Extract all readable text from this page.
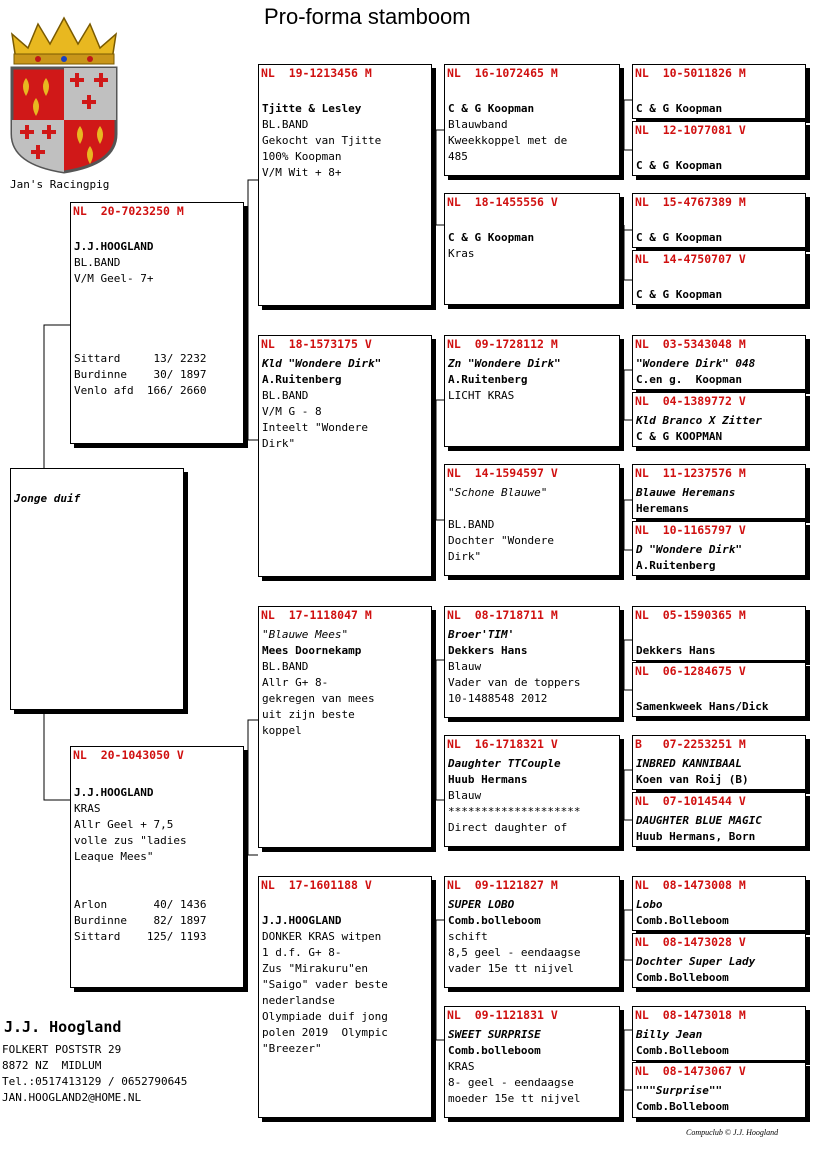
Pro-forma stamboom
Jan's Racingpig
Jonge duif
NL  20-7023250 M
J.J.HOOGLAND
BL.BAND
V/M Geel- 7+
Sittard     13/ 2232
Burdinne    30/ 1897
Venlo afd  166/ 2660
NL  20-1043050 V
J.J.HOOGLAND
KRAS
Allr Geel + 7,5
volle zus "ladies
Leaque Mees"
Arlon       40/ 1436
Burdinne    82/ 1897
Sittard    125/ 1193
NL  19-1213456 M
Tjitte & Lesley
BL.BAND
Gekocht van Tjitte
100% Koopman
V/M Wit + 8+
NL  18-1573175 V
Kld "Wondere Dirk"
A.Ruitenberg
BL.BAND
V/M G - 8
Inteelt "Wondere
Dirk"
NL  17-1118047 M
"Blauwe Mees"
Mees Doornekamp
BL.BAND
Allr G+ 8-
gekregen van mees
uit zijn beste
koppel
NL  17-1601188 V
J.J.HOOGLAND
DONKER KRAS witpen
1 d.f. G+ 8-
Zus "Mirakuru"en
"Saigo" vader beste
nederlandse
Olympiade duif jong
polen 2019  Olympic
"Breezer"
NL  16-1072465 M
C & G Koopman
Blauwband
Kweekkoppel met de
485
NL  18-1455556 V
C & G Koopman
Kras
NL  09-1728112 M
Zn "Wondere Dirk"
A.Ruitenberg
LICHT KRAS
NL  14-1594597 V
"Schone Blauwe"
BL.BAND
Dochter "Wondere
Dirk"
NL  08-1718711 M
Broer'TIM'
Dekkers Hans
Blauw
Vader van de toppers
10-1488548 2012
NL  16-1718321 V
Daughter TTCouple
Huub Hermans
Blauw
********************
Direct daughter of
NL  09-1121827 M
SUPER LOBO
Comb.bolleboom
schift
8,5 geel - eendaagse
vader 15e tt nijvel
NL  09-1121831 V
SWEET SURPRISE
Comb.bolleboom
KRAS
8- geel - eendaagse
moeder 15e tt nijvel
NL  10-5011826 M
C & G Koopman
NL  12-1077081 V
C & G Koopman
NL  15-4767389 M
C & G Koopman
NL  14-4750707 V
C & G Koopman
NL  03-5343048 M
"Wondere Dirk" 048
C.en g.  Koopman
NL  04-1389772 V
Kld Branco X Zitter
C & G KOOPMAN
NL  11-1237576 M
Blauwe Heremans
Heremans
NL  10-1165797 V
D "Wondere Dirk"
A.Ruitenberg
NL  05-1590365 M
Dekkers Hans
NL  06-1284675 V
Samenkweek Hans/Dick
B   07-2253251 M
INBRED KANNIBAAL
Koen van Roij (B)
NL  07-1014544 V
DAUGHTER BLUE MAGIC
Huub Hermans, Born
NL  08-1473008 M
Lobo
Comb.Bolleboom
NL  08-1473028 V
Dochter Super Lady
Comb.Bolleboom
NL  08-1473018 M
Billy Jean
Comb.Bolleboom
NL  08-1473067 V
"""Surprise""
Comb.Bolleboom
J.J. Hoogland
FOLKERT POSTSTR 29
8872 NZ  MIDLUM
Tel.:0517413129 / 0652790645
JAN.HOOGLAND2@HOME.NL
Compuclub © J.J. Hoogland
